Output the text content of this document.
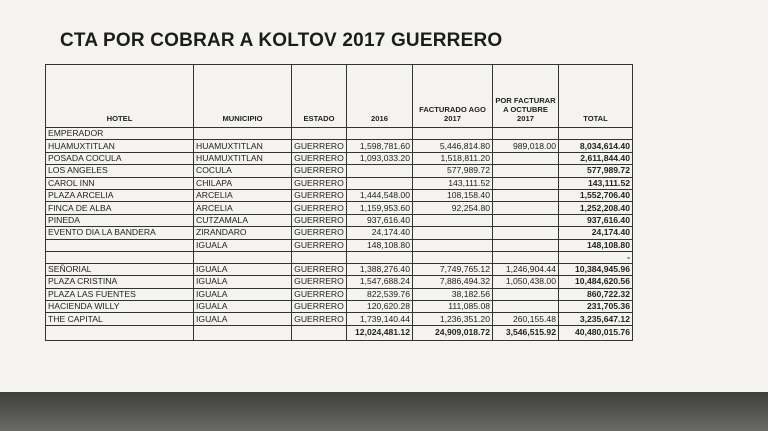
CTA POR COBRAR A KOLTOV 2017 GUERRERO
HOTEL	MUNICIPIO	ESTADO	2016	FACTURADO AGO 2017	POR FACTURAR A OCTUBRE 2017	TOTAL
EMPERADOR						
HUAMUXTITLAN	HUAMUXTITLAN	GUERRERO	1,598,781.60	5,446,814.80	989,018.00	8,034,614.40
POSADA COCULA	HUAMUXTITLAN	GUERRERO	1,093,033.20	1,518,811.20		2,611,844.40
LOS ANGELES	COCULA	GUERRERO		577,989.72		577,989.72
CAROL INN	CHILAPA	GUERRERO		143,111.52		143,111.52
PLAZA ARCELIA	ARCELIA	GUERRERO	1,444,548.00	108,158.40		1,552,706.40
FINCA DE ALBA	ARCELIA	GUERRERO	1,159,953.60	92,254.80		1,252,208.40
PINEDA	CUTZAMALA	GUERRERO	937,616.40			937,616.40
EVENTO DIA LA BANDERA	ZIRANDARO	GUERRERO	24,174.40			24,174.40
	IGUALA	GUERRERO	148,108.80			148,108.80
						-
SEÑORIAL	IGUALA	GUERRERO	1,388,276.40	7,749,765.12	1,246,904.44	10,384,945.96
PLAZA CRISTINA	IGUALA	GUERRERO	1,547,688.24	7,886,494.32	1,050,438.00	10,484,620.56
PLAZA LAS FUENTES	IGUALA	GUERRERO	822,539.76	38,182.56		860,722.32
HACIENDA WILLY	IGUALA	GUERRERO	120,620.28	111,085.08		231,705.36
THE CAPITAL	IGUALA	GUERRERO	1,739,140.44	1,236,351.20	260,155.48	3,235,647.12
			12,024,481.12	24,909,018.72	3,546,515.92	40,480,015.76
